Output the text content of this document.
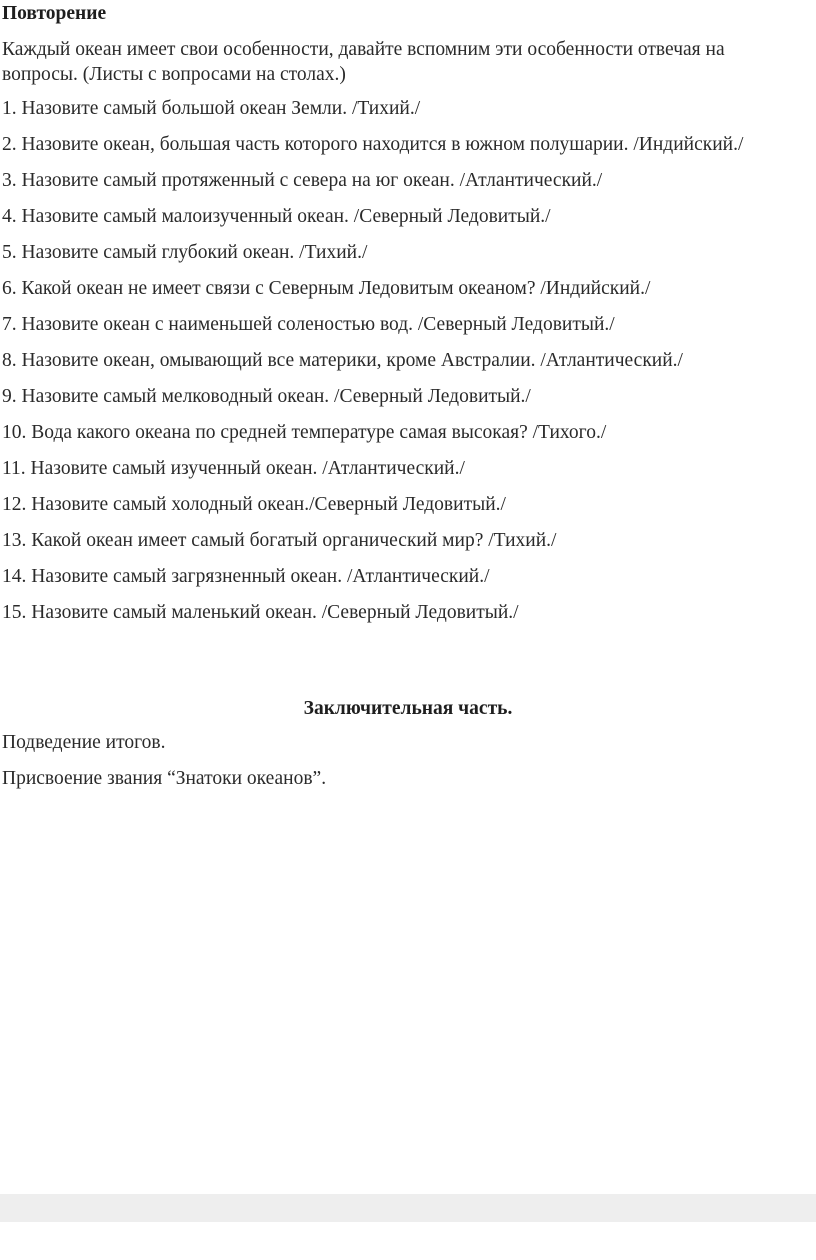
Повторение
Каждый океан имеет свои особенности, давайте вспомним эти особенности отвечая на вопросы. (Листы с вопросами на столах.)
1. Назовите самый большой океан Земли. /Тихий./
2. Назовите океан, большая часть которого находится в южном полушарии. /Индийский./
3. Назовите самый протяженный с севера на юг океан. /Атлантический./
4. Назовите самый малоизученный океан. /Северный Ледовитый./
5. Назовите самый глубокий океан. /Тихий./
6. Какой океан не имеет связи с Северным Ледовитым океаном? /Индийский./
7. Назовите океан с наименьшей соленостью вод. /Северный Ледовитый./
8. Назовите океан, омывающий все материки, кроме Австралии. /Атлантический./
9. Назовите самый мелководный океан. /Северный Ледовитый./
10. Вода какого океана по средней температуре самая высокая? /Тихого./
11. Назовите самый изученный океан. /Атлантический./
12. Назовите самый холодный океан./Северный Ледовитый./
13. Какой океан имеет самый богатый органический мир? /Тихий./
14. Назовите самый загрязненный океан. /Атлантический./
15. Назовите самый маленький океан. /Северный Ледовитый./
Заключительная часть.
Подведение итогов.
Присвоение звания “Знатоки океанов”.
